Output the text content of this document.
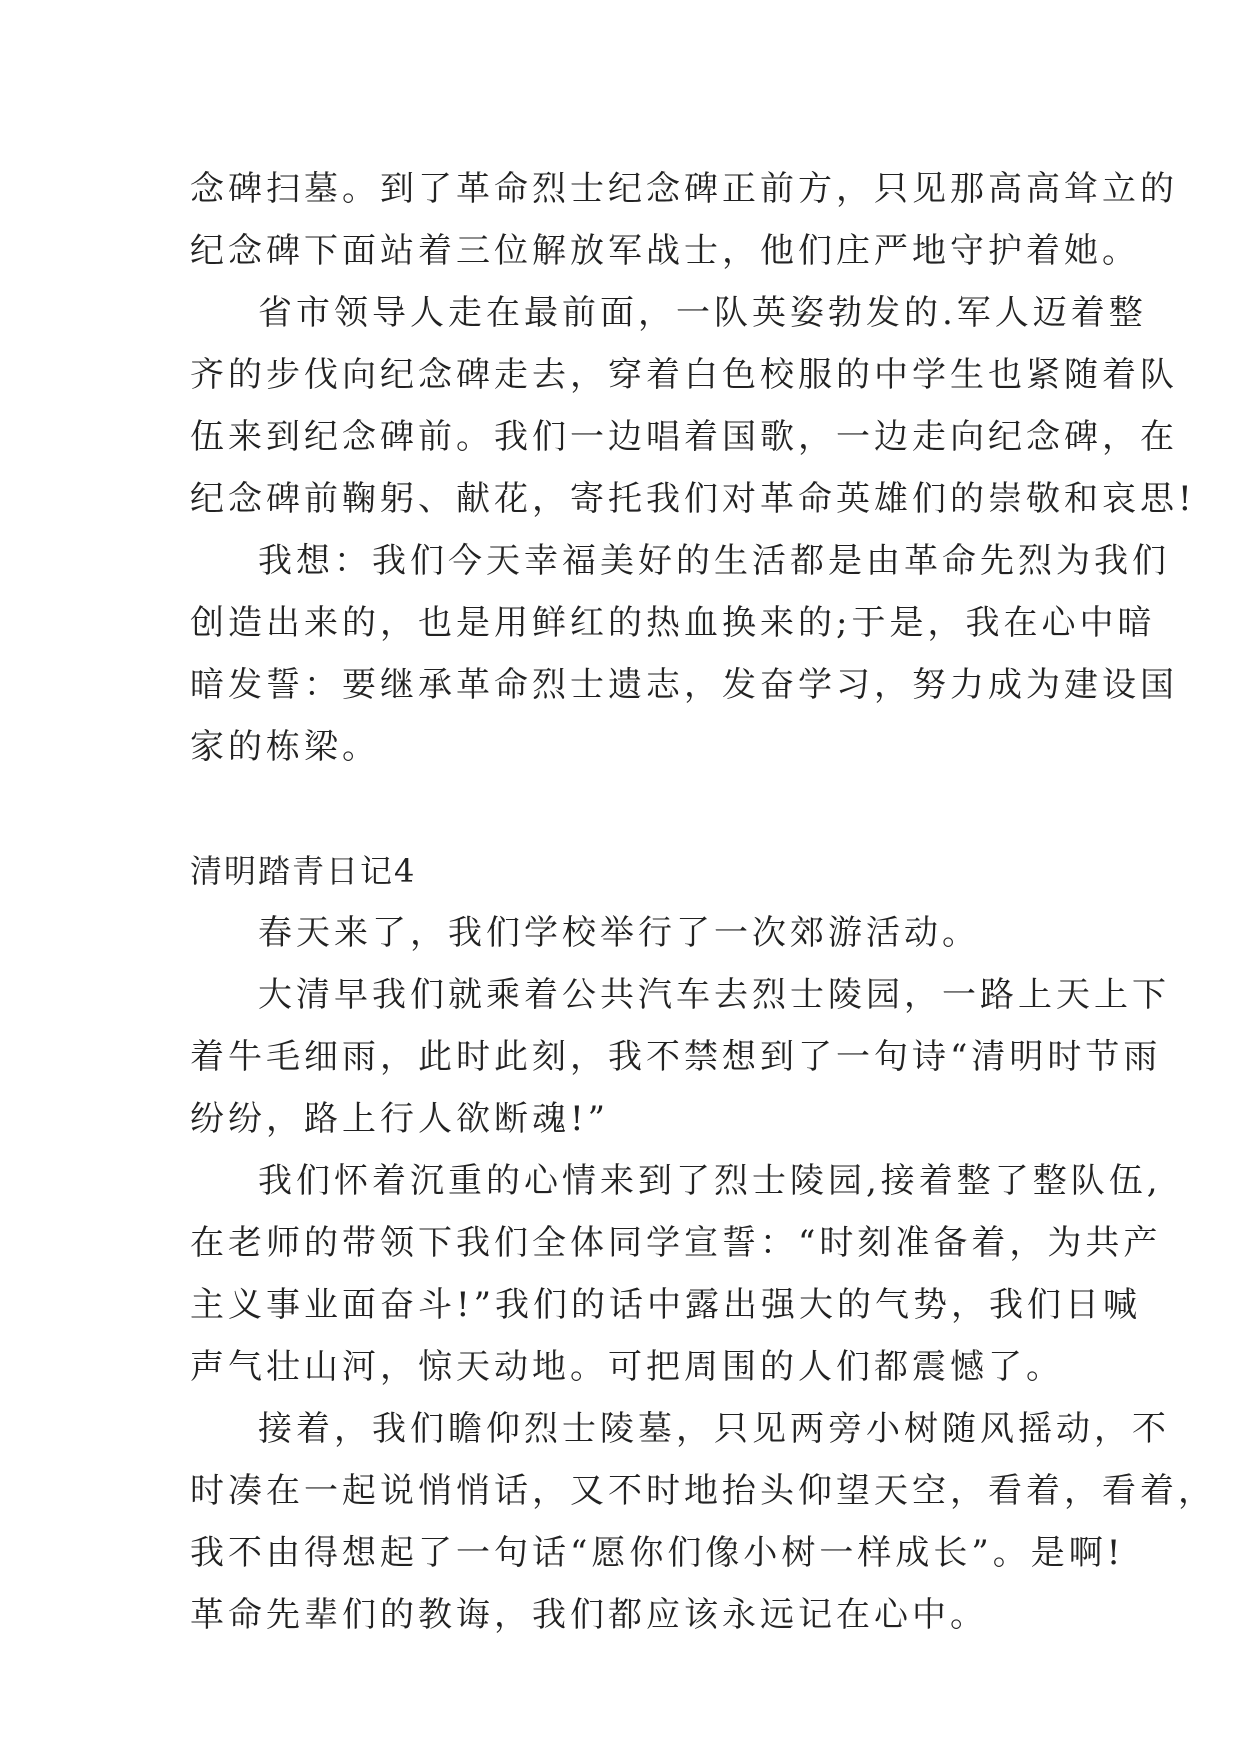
念碑扫墓。到了革命烈士纪念碑正前方，只见那高高耸立的
纪念碑下面站着三位解放军战士，他们庄严地守护着她。
省市领导人走在最前面，一队英姿勃发的.军人迈着整
齐的步伐向纪念碑走去，穿着白色校服的中学生也紧随着队
伍来到纪念碑前。我们一边唱着国歌，一边走向纪念碑，在
纪念碑前鞠躬、献花，寄托我们对革命英雄们的崇敬和哀思!
我想：我们今天幸福美好的生活都是由革命先烈为我们
创造出来的，也是用鲜红的热血换来的;于是，我在心中暗
暗发誓：要继承革命烈士遗志，发奋学习，努力成为建设国
家的栋梁。
清明踏青日记4
春天来了，我们学校举行了一次郊游活动。
大清早我们就乘着公共汽车去烈士陵园，一路上天上下
着牛毛细雨，此时此刻，我不禁想到了一句诗“清明时节雨
纷纷，路上行人欲断魂!”
我们怀着沉重的心情来到了烈士陵园,接着整了整队伍,
在老师的带领下我们全体同学宣誓：“时刻准备着，为共产
主义事业面奋斗!”我们的话中露出强大的气势，我们日喊
声气壮山河，惊天动地。可把周围的人们都震憾了。
接着，我们瞻仰烈士陵墓，只见两旁小树随风摇动，不
时凑在一起说悄悄话，又不时地抬头仰望天空，看着，看着，
我不由得想起了一句话“愿你们像小树一样成长”。是啊!
革命先辈们的教诲，我们都应该永远记在心中。
